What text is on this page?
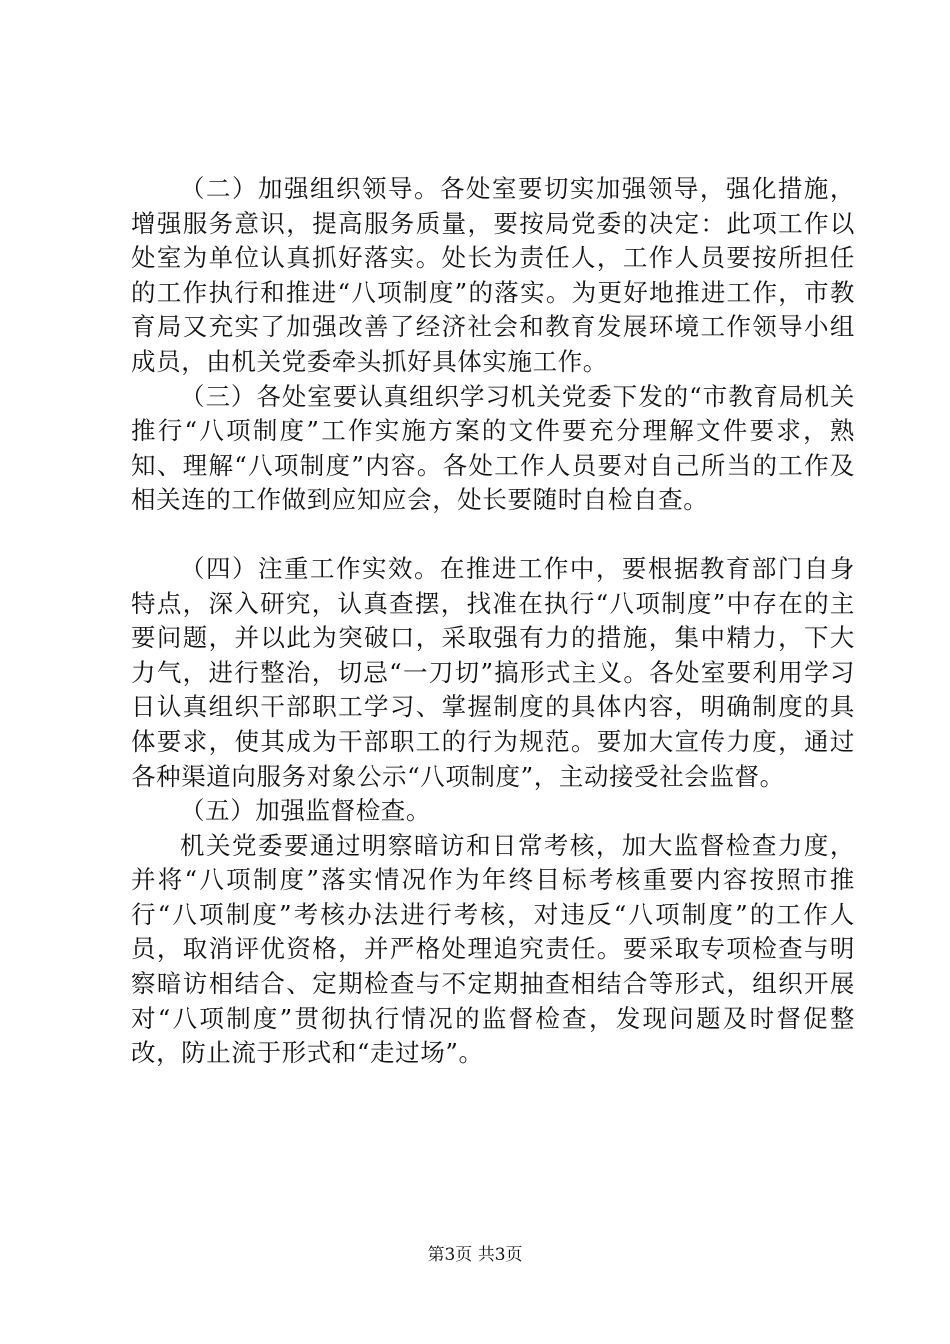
（二）加强组织领导。各处室要切实加强领导，强化措施，增强服务意识，提高服务质量，要按局党委的决定：此项工作以处室为单位认真抓好落实。处长为责任人，工作人员要按所担任的工作执行和推进“八项制度”的落实。为更好地推进工作，市教育局又充实了加强改善了经济社会和教育发展环境工作领导小组成员，由机关党委牵头抓好具体实施工作。

（三）各处室要认真组织学习机关党委下发的“市教育局机关推行“八项制度”工作实施方案的文件要充分理解文件要求，熟知、理解“八项制度”内容。各处工作人员要对自己所当的工作及相关连的工作做到应知应会，处长要随时自检自查。

（四）注重工作实效。在推进工作中，要根据教育部门自身特点，深入研究，认真查摆，找准在执行“八项制度”中存在的主要问题，并以此为突破口，采取强有力的措施，集中精力，下大力气，进行整治，切忌“一刀切”搞形式主义。各处室要利用学习日认真组织干部职工学习、掌握制度的具体内容，明确制度的具体要求，使其成为干部职工的行为规范。要加大宣传力度，通过各种渠道向服务对象公示“八项制度”，主动接受社会监督。

（五）加强监督检查。

机关党委要通过明察暗访和日常考核，加大监督检查力度，并将“八项制度”落实情况作为年终目标考核重要内容按照市推行“八项制度”考核办法进行考核，对违反“八项制度”的工作人员，取消评优资格，并严格处理追究责任。要采取专项检查与明察暗访相结合、定期检查与不定期抽查相结合等形式，组织开展对“八项制度”贯彻执行情况的监督检查，发现问题及时督促整改，防止流于形式和“走过场”。

第3页 共3页
